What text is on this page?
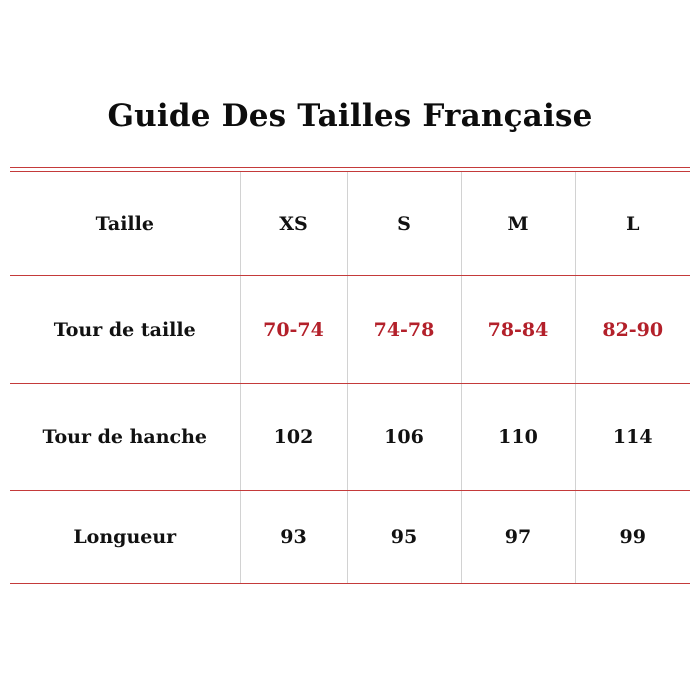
Guide Des Tailles Française
Taille	XS	S	M	L
Tour de taille	70-74	74-78	78-84	82-90
Tour de hanche	102	106	110	114
Longueur	93	95	97	99
